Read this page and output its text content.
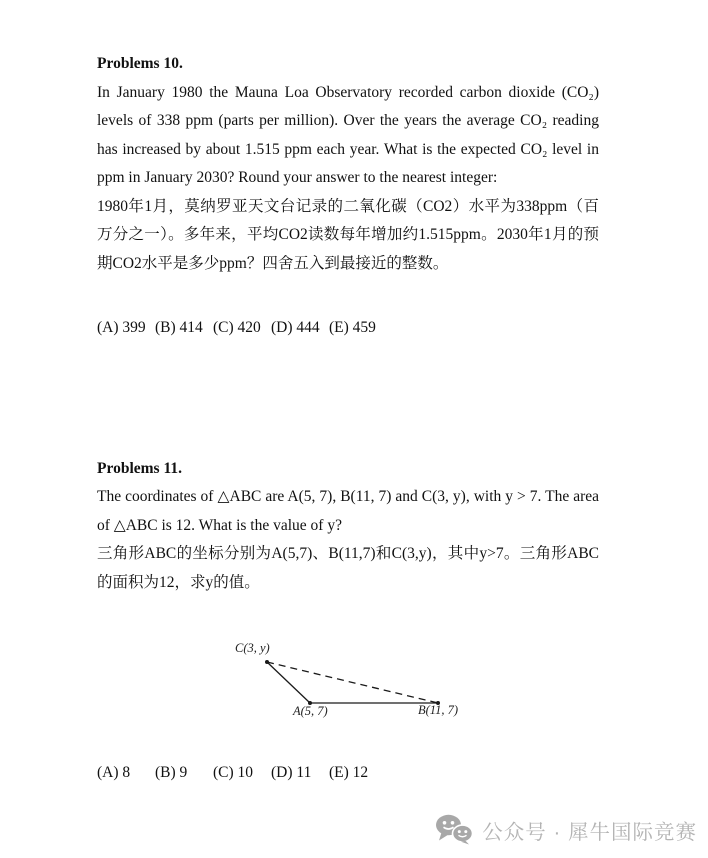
Problems 10.

In January 1980 the Mauna Loa Observatory recorded carbon dioxide (CO₂) levels of 338 ppm (parts per million). Over the years the average CO₂ reading has increased by about 1.515 ppm each year. What is the expected CO₂ level in ppm in January 2030? Round your answer to the nearest integer:

1980年1月，莫纳罗亚天文台记录的二氧化碳（CO2）水平为338ppm（百万分之一）。多年来，平均CO2读数每年增加约1.515ppm。2030年1月的预期CO2水平是多少ppm？四舍五入到最接近的整数。

(A) 399 (B) 414 (C) 420 (D) 444 (E) 459

Problems 11.

The coordinates of △ABC are A(5, 7), B(11, 7) and C(3, y), with y > 7. The area of △ABC is 12. What is the value of y?

三角形ABC的坐标分别为A(5,7)、B(11,7)和C(3,y)，其中y>7。三角形ABC的面积为12，求y的值。

C(3, y)
A(5, 7)	B(11, 7)
(A) 8	(B) 9	(C) 10	(D) 11	(E) 12
公众号 · 犀牛国际竞赛
